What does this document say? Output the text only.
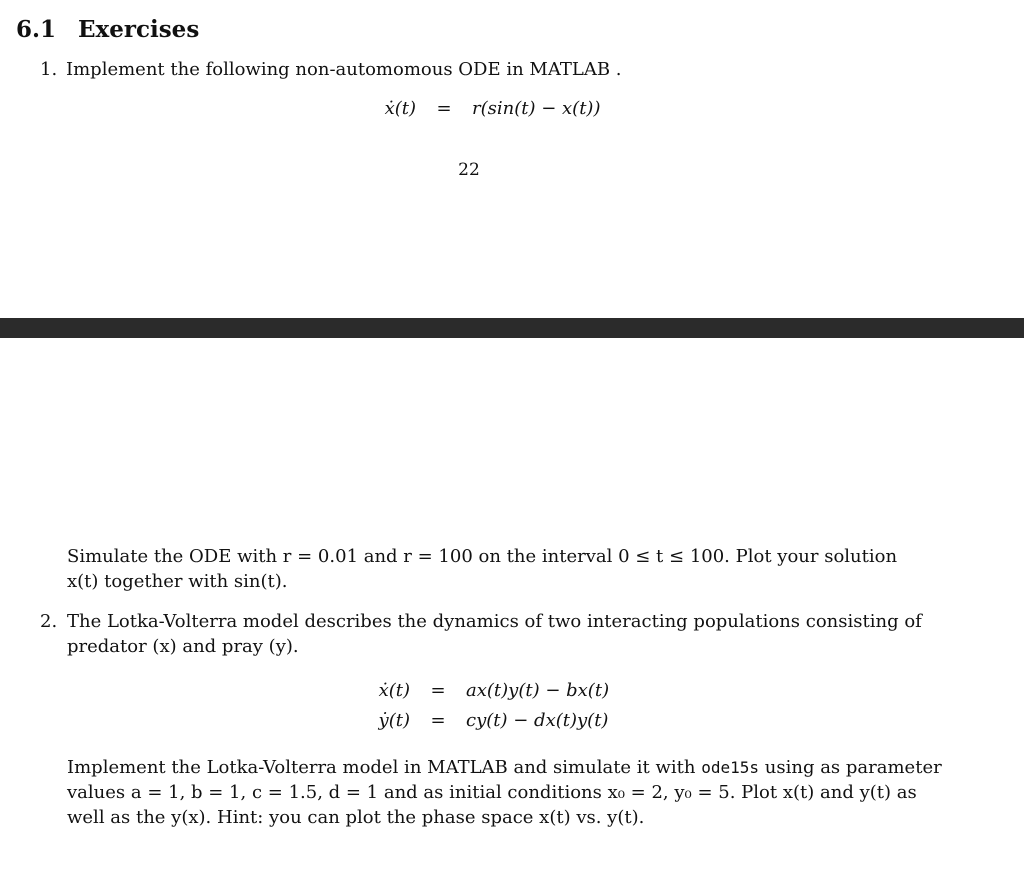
6.1 Exercises
1. Implement the following non-automomous ODE in MATLAB .
ẋ(t) = r(sin(t) − x(t))
22
Simulate the ODE with r = 0.01 and r = 100 on the interval 0 ≤ t ≤ 100. Plot your solution
x(t) together with sin(t).
2. The Lotka-Volterra model describes the dynamics of two interacting populations consisting of
predator (x) and pray (y).
ẋ(t) = ax(t)y(t) − bx(t)
ẏ(t) = cy(t) − dx(t)y(t)
Implement the Lotka-Volterra model in MATLAB and simulate it with ode15s using as parameter
values a = 1, b = 1, c = 1.5, d = 1 and as initial conditions x₀ = 2, y₀ = 5. Plot x(t) and y(t) as
well as the y(x). Hint: you can plot the phase space x(t) vs. y(t).
